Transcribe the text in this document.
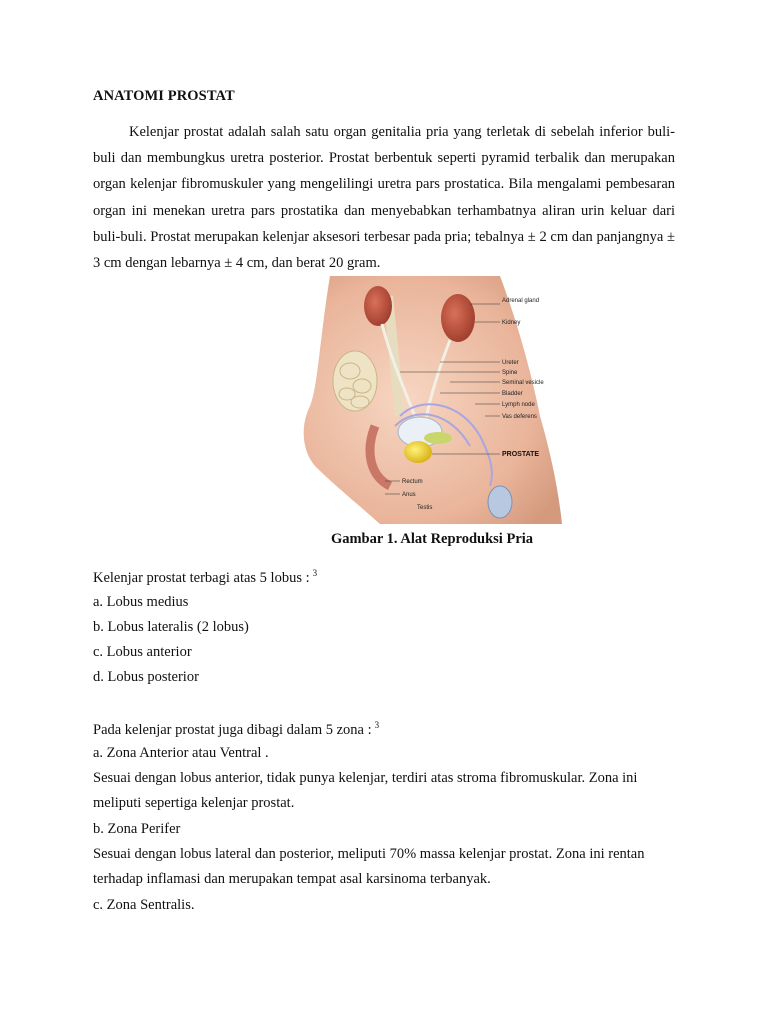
ANATOMI PROSTAT
Kelenjar prostat adalah salah satu organ genitalia pria yang terletak di sebelah inferior buli-buli dan membungkus uretra posterior. Prostat berbentuk seperti pyramid terbalik dan merupakan organ kelenjar fibromuskuler yang mengelilingi uretra pars prostatica. Bila mengalami pembesaran organ ini menekan uretra pars prostatika dan menyebabkan terhambatnya aliran urin keluar dari buli-buli. Prostat merupakan kelenjar aksesori terbesar pada pria; tebalnya ± 2 cm dan panjangnya ± 3 cm dengan lebarnya ± 4 cm, dan berat 20 gram.
Adrenal gland
Kidney
Ureter
Spine
Seminal vesicle
Bladder
Lymph node
Vas deferens
PROSTATE
Rectum
Anus
Testis
Gambar 1. Alat Reproduksi Pria
Kelenjar prostat terbagi atas 5 lobus : $^3$
a. Lobus medius
b. Lobus lateralis (2 lobus)
c. Lobus anterior
d. Lobus posterior
Pada kelenjar prostat juga dibagi dalam 5 zona : $^3$
a. Zona Anterior atau Ventral .
Sesuai dengan lobus anterior, tidak punya kelenjar, terdiri atas stroma fibromuskular. Zona ini
meliputi sepertiga kelenjar prostat.
b. Zona Perifer
Sesuai dengan lobus lateral dan posterior, meliputi 70% massa kelenjar prostat. Zona ini rentan
terhadap inflamasi dan merupakan tempat asal karsinoma terbanyak.
c. Zona Sentralis.
